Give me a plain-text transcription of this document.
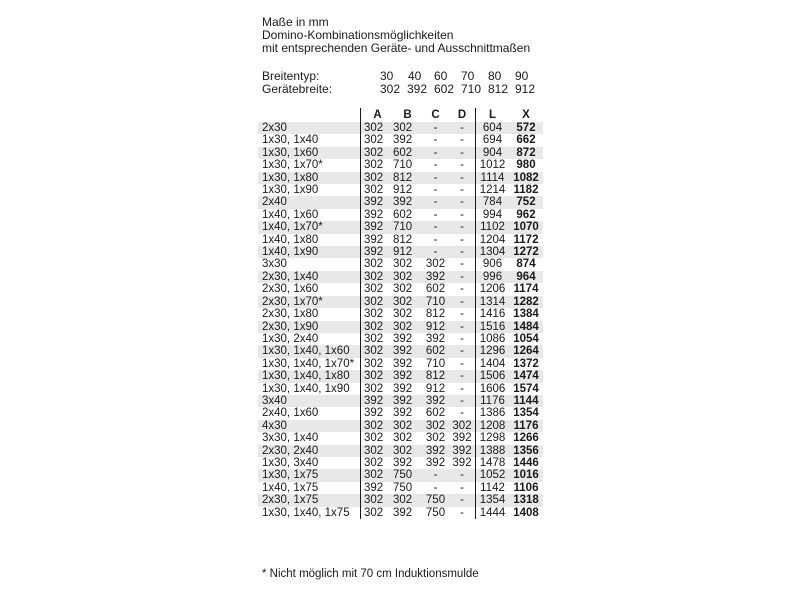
Maße in mm
Domino-Kombinationsmöglichkeiten
mit entsprechenden Geräte- und Ausschnittmaßen
Breitentyp:	30	40	60	70	80	90
Gerätebreite:	302 392 602 710 812 912
	A	B	C	D	L	X
2x30	302	302	-	-	604	572
1x30, 1x40	302	392	-	-	694	662
1x30, 1x60	302	602	-	-	904	872
1x30, 1x70*	302	710	-	-	1012	980
1x30, 1x80	302	812	-	-	1114	1082
1x30, 1x90	302	912	-	-	1214	1182
2x40	392	392	-	-	784	752
1x40, 1x60	392	602	-	-	994	962
1x40, 1x70*	392	710	-	-	1102	1070
1x40, 1x80	392	812	-	-	1204	1172
1x40, 1x90	392	912	-	-	1304	1272
3x30	302	302	302	-	906	874
2x30, 1x40	302	302	392	-	996	964
2x30, 1x60	302	302	602	-	1206	1174
2x30, 1x70*	302	302	710	-	1314	1282
2x30, 1x80	302	302	812	-	1416	1384
2x30, 1x90	302	302	912	-	1516	1484
1x30, 2x40	302	392	392	-	1086	1054
1x30, 1x40, 1x60	302	392	602	-	1296	1264
1x30, 1x40, 1x70*	302	392	710	-	1404	1372
1x30, 1x40, 1x80	302	392	812	-	1506	1474
1x30, 1x40, 1x90	302	392	912	-	1606	1574
3x40	392	392	392	-	1176	1144
2x40, 1x60	392	392	602	-	1386	1354
4x30	302	302	302	302	1208	1176
3x30, 1x40	302	302	302	392	1298	1266
2x30, 2x40	302	302	392	392	1388	1356
1x30, 3x40	302	392	392	392	1478	1446
1x30, 1x75	302	750	-	-	1052	1016
1x40, 1x75	392	750	-	-	1142	1106
2x30, 1x75	302	302	750	-	1354	1318
1x30, 1x40, 1x75	302	392	750	-	1444	1408
* Nicht möglich mit 70 cm Induktionsmulde
